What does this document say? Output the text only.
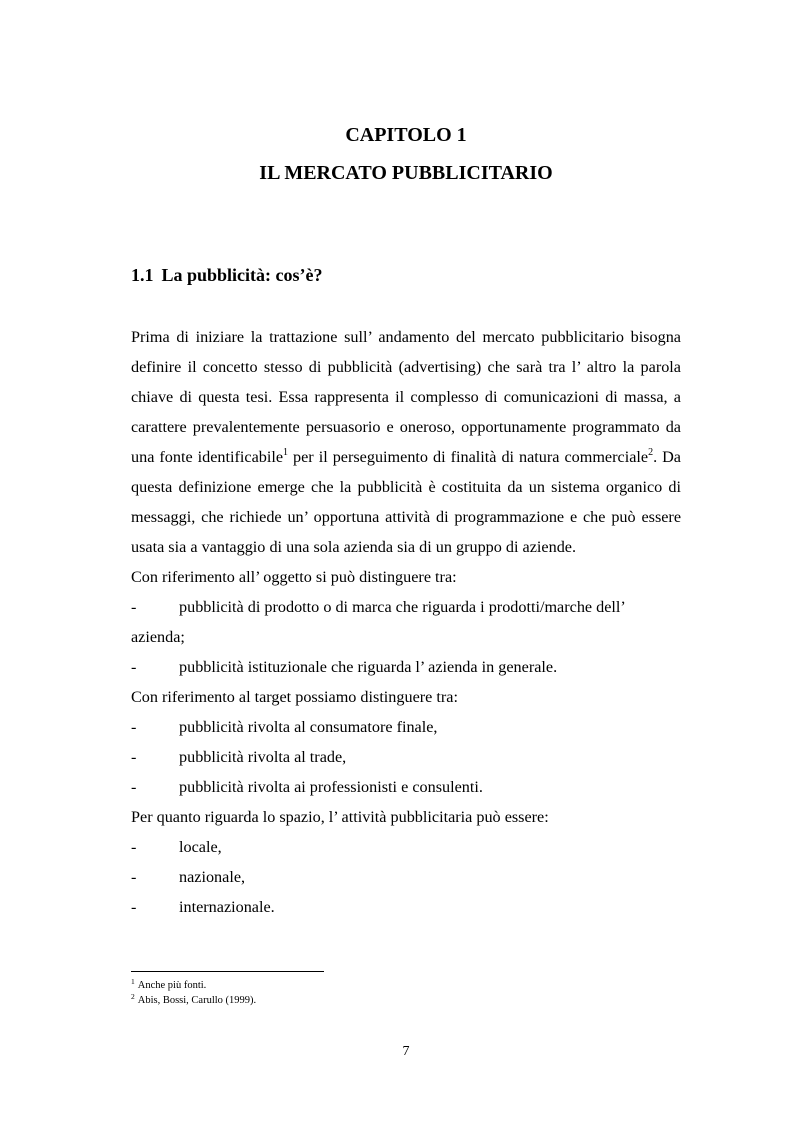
CAPITOLO 1
IL MERCATO PUBBLICITARIO
1.1 La pubblicità: cos’è?

Prima di iniziare la trattazione sull’ andamento del mercato pubblicitario bisogna definire il concetto stesso di pubblicità (advertising) che sarà tra l’ altro la parola chiave di questa tesi. Essa rappresenta il complesso di comunicazioni di massa, a carattere prevalentemente persuasorio e oneroso, opportunamente programmato da una fonte identificabile$^1$ per il perseguimento di finalità di natura commerciale$^2$. Da questa definizione emerge che la pubblicità è costituita da un sistema organico di messaggi, che richiede un’ opportuna attività di programmazione e che può essere usata sia a vantaggio di una sola azienda sia di un gruppo di aziende.

Con riferimento all’ oggetto si può distinguere tra:

-	pubblicità di prodotto o di marca che riguarda i prodotti/marche dell’

azienda;

-	pubblicità istituzionale che riguarda l’ azienda in generale.

Con riferimento al target possiamo distinguere tra:

-	pubblicità rivolta al consumatore finale,
-	pubblicità rivolta al trade,
-	pubblicità rivolta ai professionisti e consulenti.

Per quanto riguarda lo spazio, l’ attività pubblicitaria può essere:

-	locale,
-	nazionale,
-	internazionale.
$^1$ Anche più fonti.
$^2$ Abis, Bossi, Carullo (1999).
7
